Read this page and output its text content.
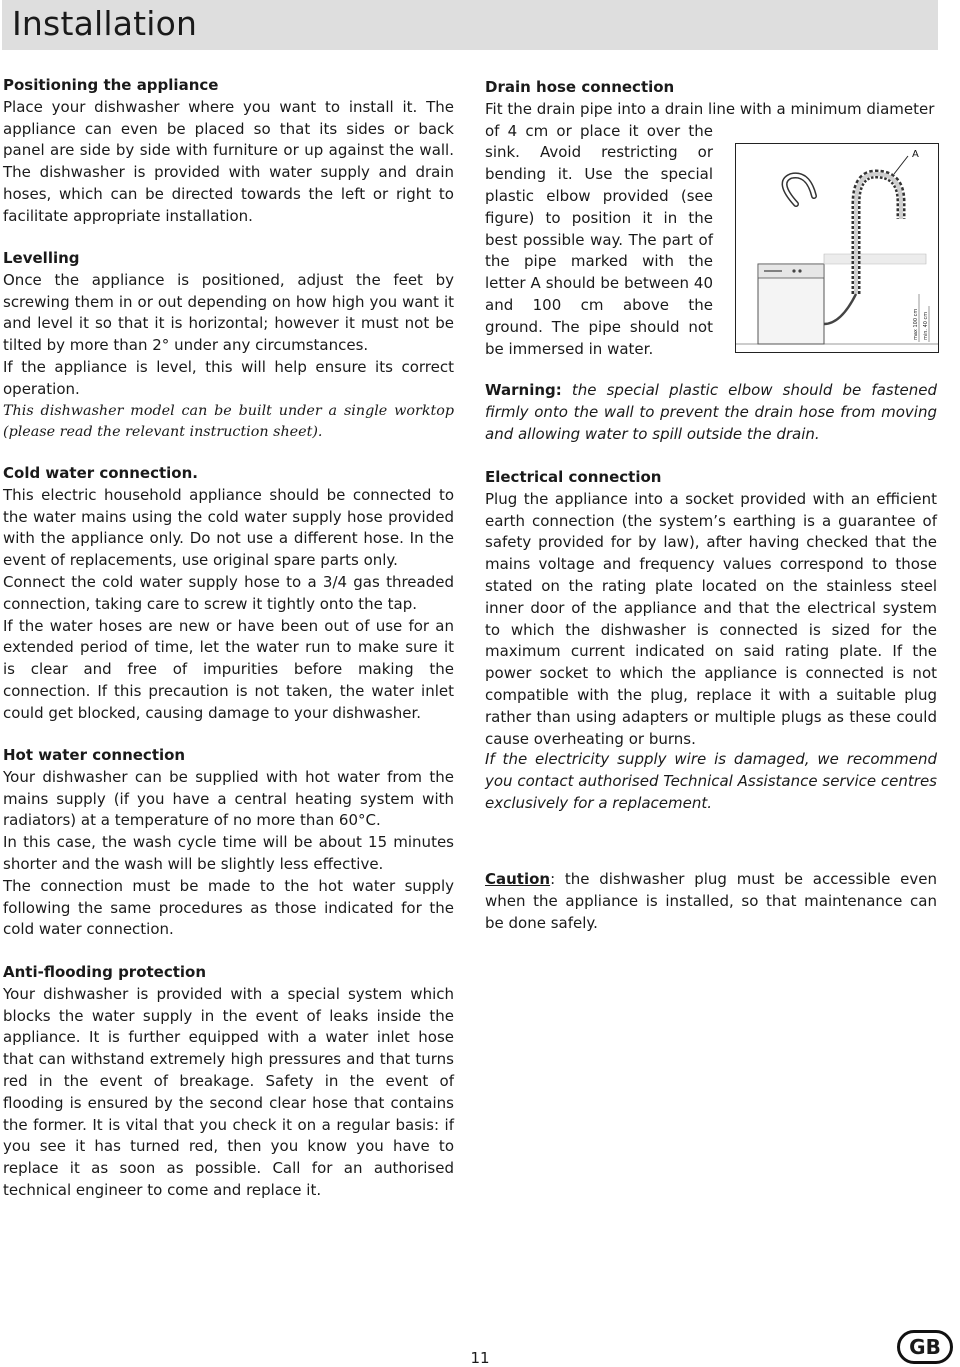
Installation
Positioning the appliance

Place your dishwasher where you want to install it. The appliance can even be placed so that its sides or back panel are side by side with furniture or up against the wall. The dishwasher is provided with water supply and drain hoses, which can be directed towards the left or right to facilitate appropriate installation.

Levelling

Once the appliance is positioned, adjust the feet by screwing them in or out depending on how high you want it and level it so that it is horizontal; however it must not be tilted by more than 2° under any circumstances.

If the appliance is level, this will help ensure its correct operation.

This dishwasher model can be built under a single worktop (please read the relevant instruction sheet).

Cold water connection.

This electric household appliance should be connected to the water mains using the cold water supply hose provided with the appliance only. Do not use a different hose. In the event of replacements, use original spare parts only.

Connect the cold water supply hose to a 3/4 gas threaded connection, taking care to screw it tightly onto the tap.

If the water hoses are new or have been out of use for an extended period of time, let the water run to make sure it is clear and free of impurities before making the connection. If this precaution is not taken, the water inlet could get blocked, causing damage to your dishwasher.

Hot water connection

Your dishwasher can be supplied with hot water from the mains supply (if you have a central heating system with radiators) at a temperature of no more than 60°C.

In this case, the wash cycle time will be about 15 minutes shorter and the wash will be slightly less effective.

The connection must be made to the hot water supply following the same procedures as those indicated for the cold water connection.

Anti-flooding protection

Your dishwasher is provided with a special system which blocks the water supply in the event of leaks inside the appliance. It is further equipped with a water inlet hose that can withstand extremely high pressures and that turns red in the event of breakage. Safety in the event of flooding is ensured by the second clear hose that contains the former. It is vital that you check it on a regular basis: if you see it has turned red, then you know you have to replace it as soon as possible. Call for an authorised technical engineer to come and replace it.

Drain hose connection

Fit the drain pipe into a drain line with a minimum diameter

of 4 cm or place it over the sink. Avoid restricting or bending it. Use the special plastic elbow provided (see figure) to position it in the best possible way. The part of the pipe marked with the letter A should be between 40 and 100 cm above the ground. The pipe should not be immersed in water.

Warning: the special plastic elbow should be fastened firmly onto the wall to prevent the drain hose from moving and allowing water to spill outside the drain.

Electrical connection

Plug the appliance into a socket provided with an efficient earth connection (the system’s earthing is a guarantee of safety provided for by law), after having checked that the mains voltage and frequency values correspond to those stated on the rating plate located on the stainless steel inner door of the appliance and that the electrical system to which the dishwasher is connected is sized for the maximum current indicated on said rating plate. If the power socket to which the appliance is connected is not compatible with the plug, replace it with a suitable plug rather than using adapters or multiple plugs as these could cause overheating or burns.

If the electricity supply wire is damaged, we recommend you contact authorised Technical Assistance service centres exclusively for a replacement.

Caution: the dishwasher plug must be accessible even when the appliance is installed, so that maintenance can be done safely.

A
max 100 cm min. 40 cm
11	GB
